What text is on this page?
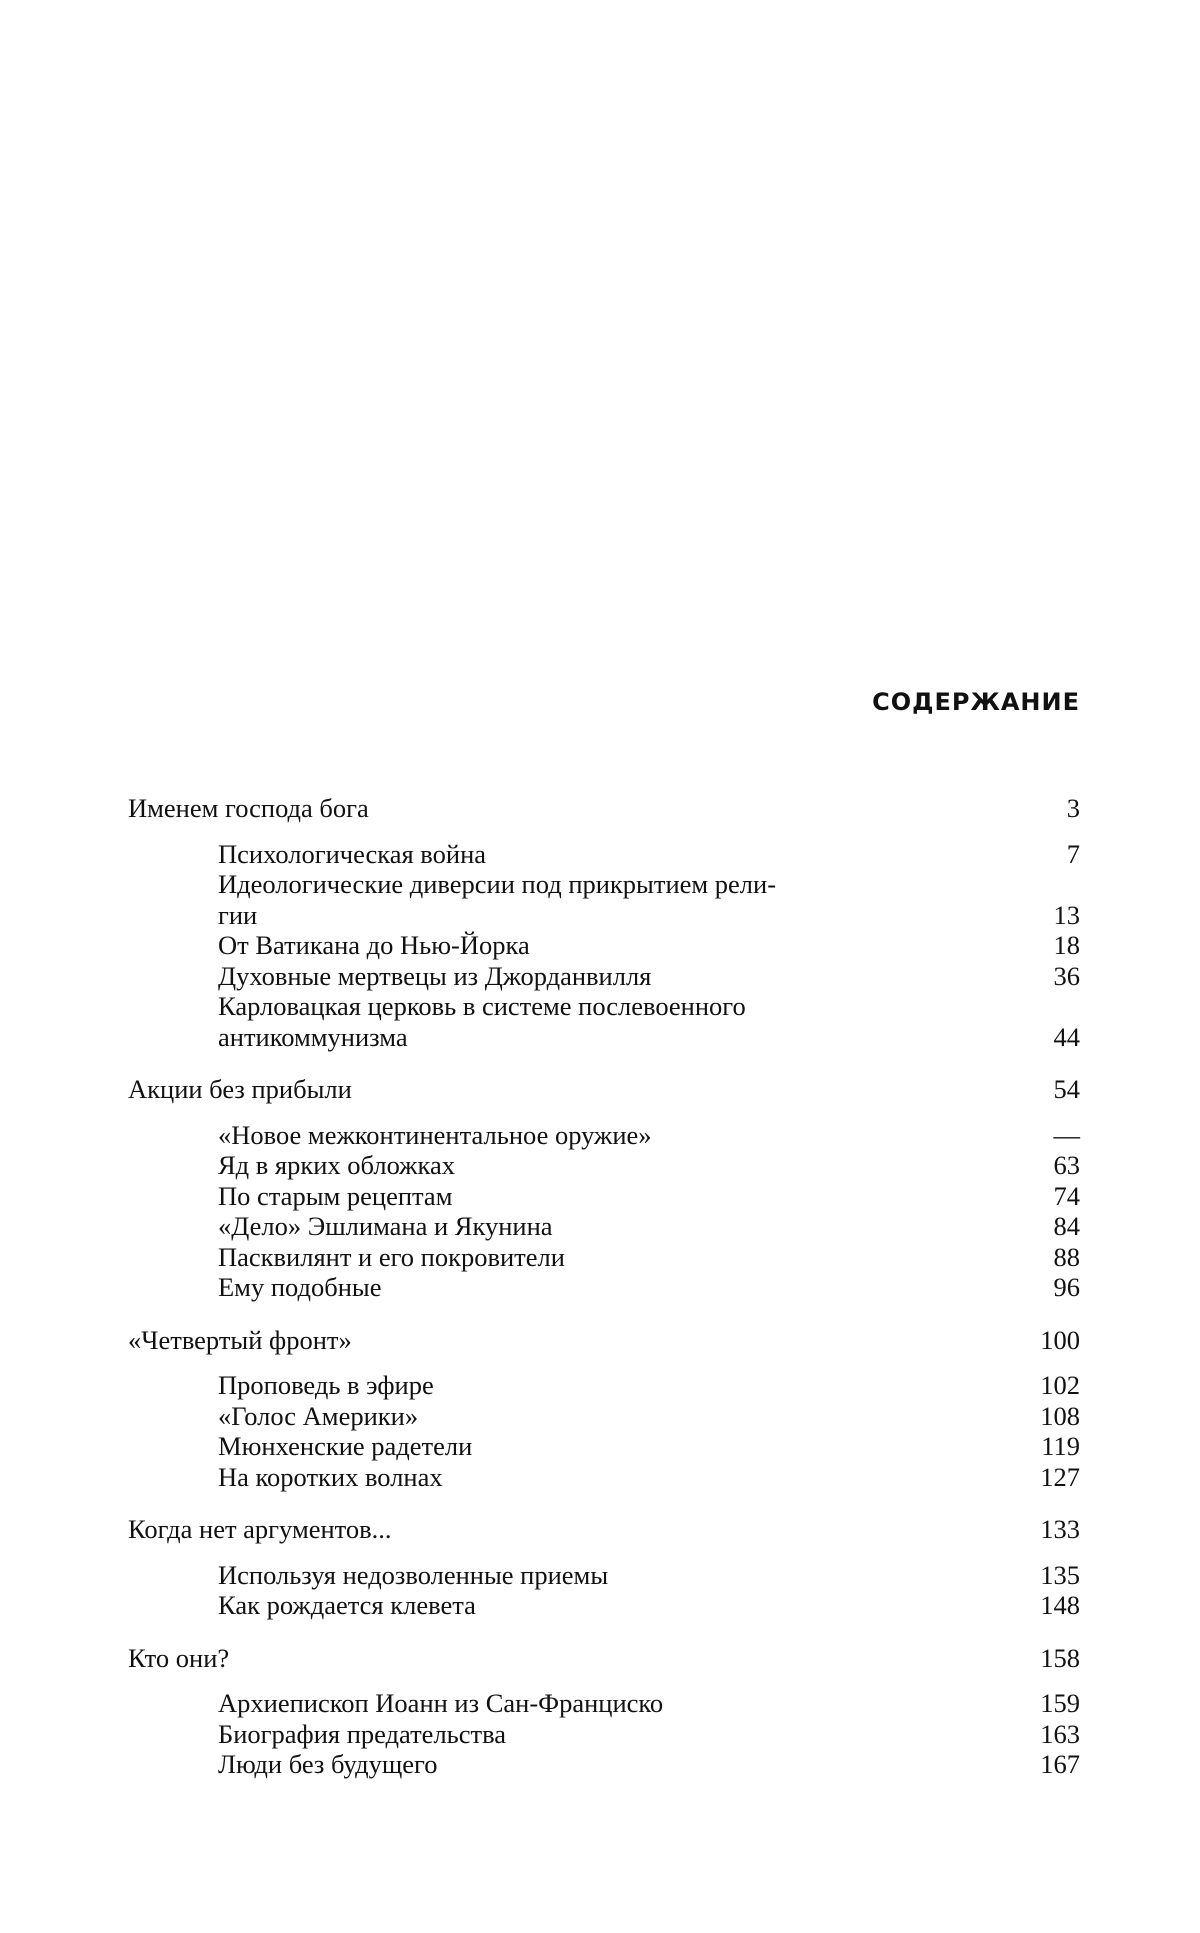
СОДЕРЖАНИЕ
Именем господа бога	3
Психологическая война	7
Идеологические диверсии под прикрытием рели-
гии	13
От Ватикана до Нью-Йорка	18
Духовные мертвецы из Джорданвилля	36
Карловацкая церковь в системе послевоенного
антикоммунизма	44
Акции без прибыли	54
«Новое межконтинентальное оружие»	—
Яд в ярких обложках	63
По старым рецептам	74
«Дело» Эшлимана и Якунина	84
Пасквилянт и его покровители	88
Ему подобные	96
«Четвертый фронт»	100
Проповедь в эфире	102
«Голос Америки»	108
Мюнхенские радетели	119
На коротких волнах	127
Когда нет аргументов...	133
Используя недозволенные приемы	135
Как рождается клевета	148
Кто они?	158
Архиепископ Иоанн из Сан-Франциско	159
Биография предательства	163
Люди без будущего	167
